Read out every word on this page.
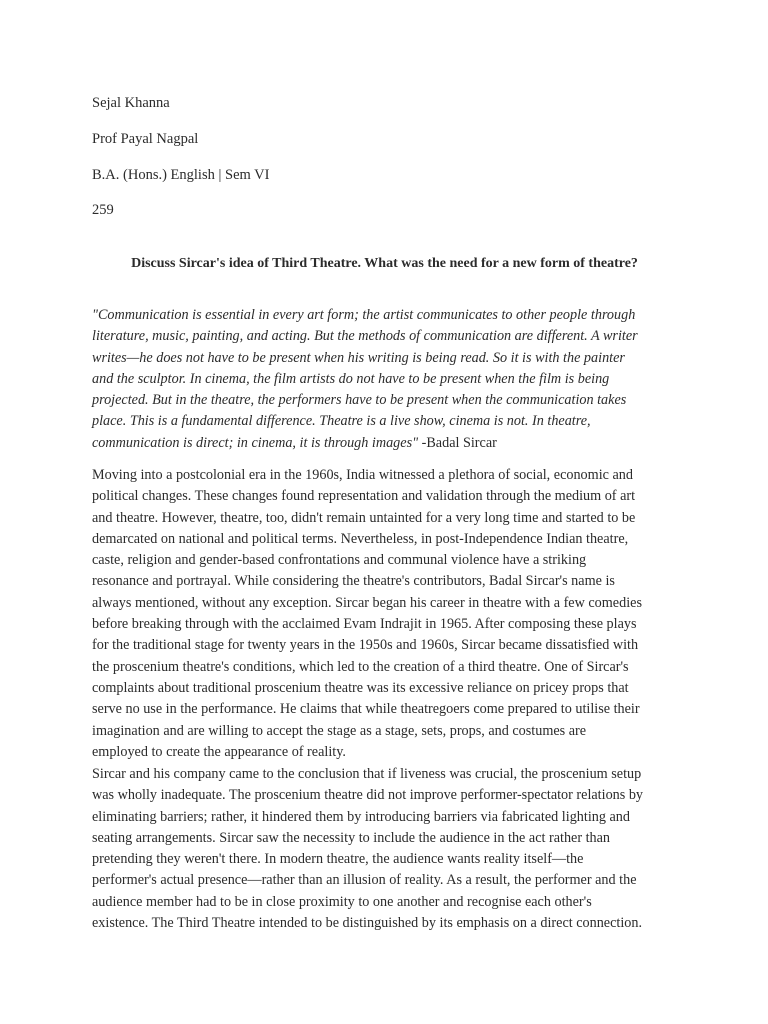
Sejal Khanna

Prof Payal Nagpal

B.A. (Hons.) English | Sem VI

259

Discuss Sircar's idea of Third Theatre. What was the need for a new form of theatre?

"Communication is essential in every art form; the artist communicates to other people through
literature, music, painting, and acting. But the methods of communication are different. A writer
writes—he does not have to be present when his writing is being read. So it is with the painter
and the sculptor. In cinema, the film artists do not have to be present when the film is being
projected. But in the theatre, the performers have to be present when the communication takes
place. This is a fundamental difference. Theatre is a live show, cinema is not. In theatre,
communication is direct; in cinema, it is through images" -Badal Sircar
Moving into a postcolonial era in the 1960s, India witnessed a plethora of social, economic and
political changes. These changes found representation and validation through the medium of art
and theatre. However, theatre, too, didn't remain untainted for a very long time and started to be
demarcated on national and political terms. Nevertheless, in post-Independence Indian theatre,
caste, religion and gender-based confrontations and communal violence have a striking
resonance and portrayal. While considering the theatre's contributors, Badal Sircar's name is
always mentioned, without any exception. Sircar began his career in theatre with a few comedies
before breaking through with the acclaimed Evam Indrajit in 1965. After composing these plays
for the traditional stage for twenty years in the 1950s and 1960s, Sircar became dissatisfied with
the proscenium theatre's conditions, which led to the creation of a third theatre. One of Sircar's
complaints about traditional proscenium theatre was its excessive reliance on pricey props that
serve no use in the performance. He claims that while theatregoers come prepared to utilise their
imagination and are willing to accept the stage as a stage, sets, props, and costumes are
employed to create the appearance of reality.
Sircar and his company came to the conclusion that if liveness was crucial, the proscenium setup
was wholly inadequate. The proscenium theatre did not improve performer-spectator relations by
eliminating barriers; rather, it hindered them by introducing barriers via fabricated lighting and
seating arrangements. Sircar saw the necessity to include the audience in the act rather than
pretending they weren't there. In modern theatre, the audience wants reality itself—the
performer's actual presence—rather than an illusion of reality. As a result, the performer and the
audience member had to be in close proximity to one another and recognise each other's
existence. The Third Theatre intended to be distinguished by its emphasis on a direct connection.
